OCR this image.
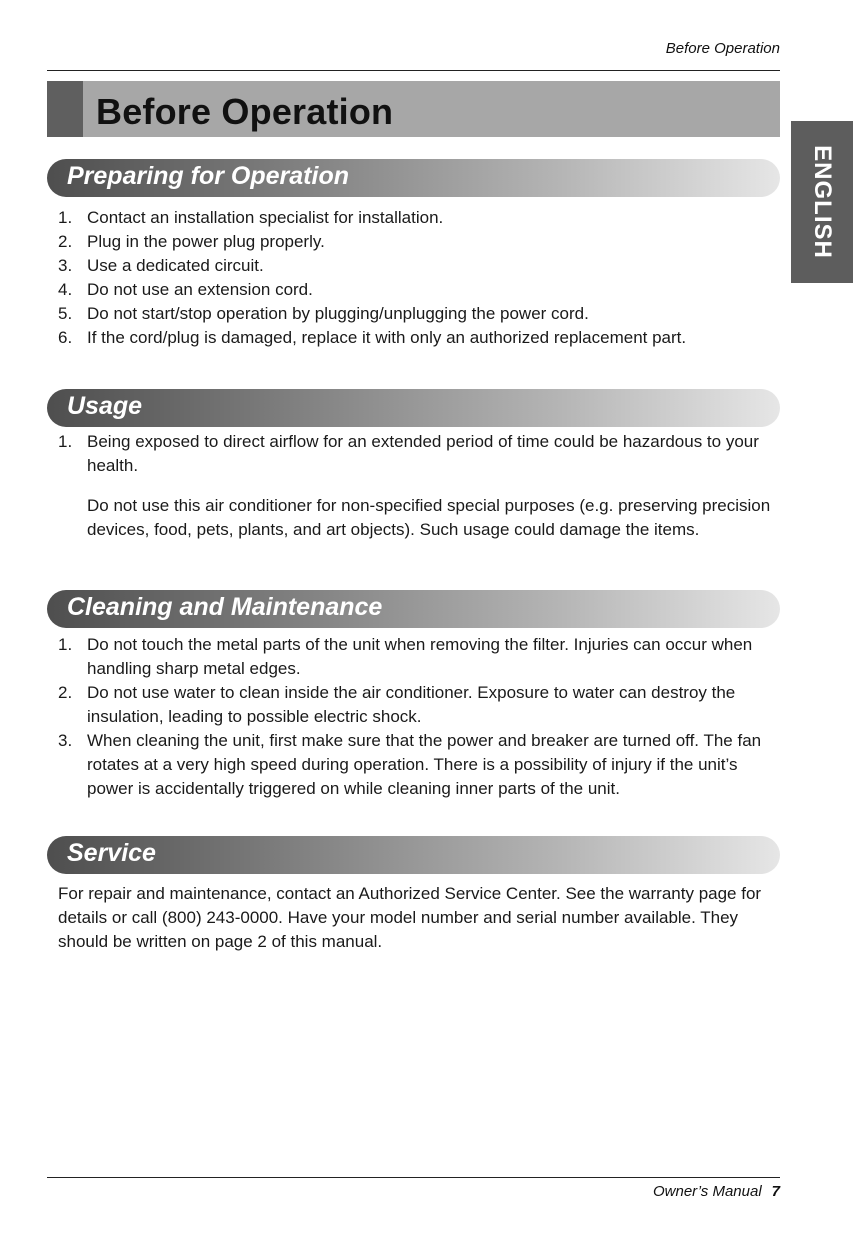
Before Operation
Before Operation
ENGLISH
Preparing for Operation
1. Contact an installation specialist for installation.
2. Plug in the power plug properly.
3. Use a dedicated circuit.
4. Do not use an extension cord.
5. Do not start/stop operation by plugging/unplugging the power cord.
6. If the cord/plug is damaged, replace it with only an authorized replacement part.
Usage
1. Being exposed to direct airflow for an extended period of time could be hazardous to your health.
Do not use this air conditioner for non-specified special purposes (e.g. preserving precision devices, food, pets, plants, and art objects). Such usage could damage the items.
Cleaning and Maintenance
1. Do not touch the metal parts of the unit when removing the filter. Injuries can occur when handling sharp metal edges.
2. Do not use water to clean inside the air conditioner. Exposure to water can destroy the insulation, leading to possible electric shock.
3. When cleaning the unit, first make sure that the power and breaker are turned off. The fan rotates at a very high speed during operation. There is a possibility of injury if the unit’s power is accidentally triggered on while cleaning inner parts of the unit.
Service
For repair and maintenance, contact an Authorized Service Center. See the warranty page for details or call (800) 243-0000. Have your model number and serial number available. They should be written on page 2 of this manual.
Owner’s Manual 7
